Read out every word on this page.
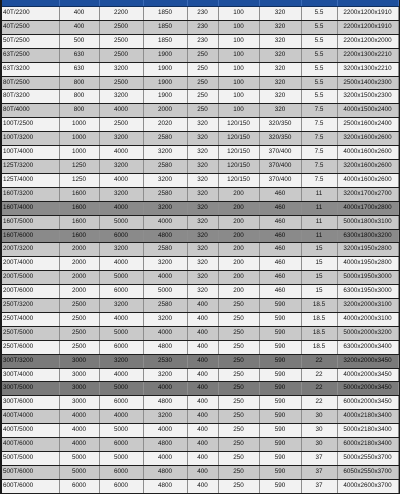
40T/2200	400	2200	1850	230	100	320	5.5	2200x1200x1910
40T/2500	400	2500	1850	230	100	320	5.5	2200x1200x1910
50T/2500	500	2500	1850	230	100	320	5.5	2200x1200x2000
63T/2500	630	2500	1900	250	100	320	5.5	2200x1300x2210
63T/3200	630	3200	1900	250	100	320	5.5	3200x1300x2210
80T/2500	800	2500	1900	250	100	320	5.5	2500x1400x2300
80T/3200	800	3200	1900	250	100	320	5.5	3200x1500x2300
80T/4000	800	4000	2000	250	100	320	7.5	4000x1500x2400
100T/2500	1000	2500	2020	320	120/150	320/350	7.5	2500x1600x2400
100T/3200	1000	3200	2580	320	120/150	320/350	7.5	3200x1600x2600
100T/4000	1000	4000	3200	320	120/150	370/400	7.5	4000x1600x2600
125T/3200	1250	3200	2580	320	120/150	370/400	7.5	3200x1600x2600
125T/4000	1250	4000	3200	320	120/150	370/400	7.5	4000x1600x2600
160T/3200	1600	3200	2580	320	200	460	11	3200x1700x2700
160T/4000	1600	4000	3200	320	200	460	11	4000x1700x2800
160T/5000	1600	5000	4000	320	200	460	11	5000x1800x3100
160T/6000	1600	6000	4800	320	200	460	11	6300x1800x3200
200T/3200	2000	3200	2580	320	200	460	15	3200x1950x2800
200T/4000	2000	4000	3200	320	200	460	15	4000x1950x2800
200T/5000	2000	5000	4000	320	200	460	15	5000x1950x3000
200T/6000	2000	6000	5000	320	200	460	15	6300x1950x3000
250T/3200	2500	3200	2580	400	250	590	18.5	3200x2000x3100
250T/4000	2500	4000	3200	400	250	590	18.5	4000x2000x3100
250T/5000	2500	5000	4000	400	250	590	18.5	5000x2000x3200
250T/6000	2500	6000	4800	400	250	590	18.5	6300x2000x3400
300T/3200	3000	3200	2530	400	250	590	22	3200x2000x3450
300T/4000	3000	4000	3200	400	250	590	22	4000x2000x3450
300T/5000	3000	5000	4000	400	250	590	22	5000x2000x3450
300T/6000	3000	6000	4800	400	250	590	22	6000x2000x3450
400T/4000	4000	4000	3200	400	250	590	30	4000x2180x3400
400T/5000	4000	5000	4000	400	250	590	30	5000x2180x3400
400T/6000	4000	6000	4800	400	250	590	30	6000x2180x3400
500T/5000	5000	5000	4000	400	250	590	37	5000x2550x3700
500T/6000	5000	6000	4800	400	250	590	37	6050x2550x3700
600T/6000	6000	6000	4800	400	250	590	37	4000x2600x3700
